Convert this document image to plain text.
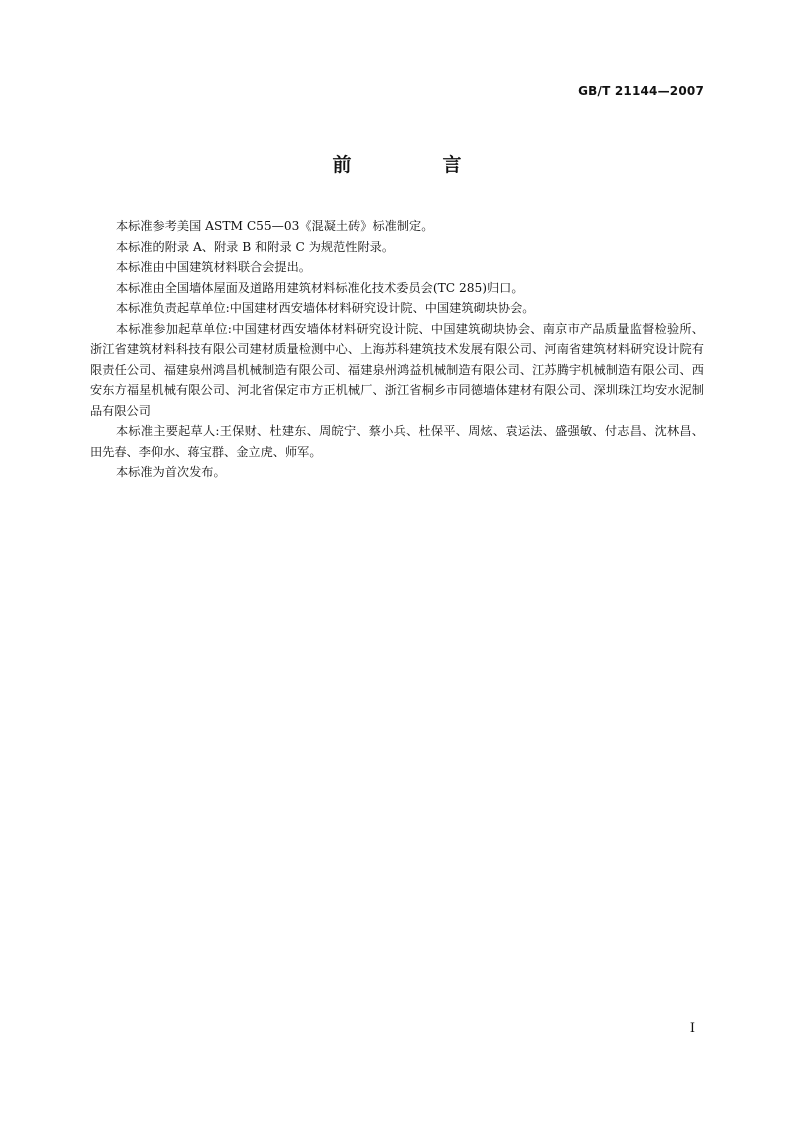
GB/T 21144—2007
前　言

本标准参考美国 ASTM C55—03《混凝土砖》标准制定。

本标准的附录 A、附录 B 和附录 C 为规范性附录。

本标准由中国建筑材料联合会提出。

本标准由全国墙体屋面及道路用建筑材料标准化技术委员会(TC 285)归口。

本标准负责起草单位:中国建材西安墙体材料研究设计院、中国建筑砌块协会。

本标准参加起草单位:中国建材西安墙体材料研究设计院、中国建筑砌块协会、南京市产品质量监督检验所、浙江省建筑材料科技有限公司建材质量检测中心、上海苏科建筑技术发展有限公司、河南省建筑材料研究设计院有限责任公司、福建泉州鸿昌机械制造有限公司、福建泉州鸿益机械制造有限公司、江苏腾宇机械制造有限公司、西安东方福星机械有限公司、河北省保定市方正机械厂、浙江省桐乡市同德墙体建材有限公司、深圳珠江均安水泥制品有限公司

本标准主要起草人:王保财、杜建东、周皖宁、蔡小兵、杜保平、周炫、袁运法、盛强敏、付志昌、沈林昌、田先春、李仰水、蒋宝群、金立虎、师军。

本标准为首次发布。

I
